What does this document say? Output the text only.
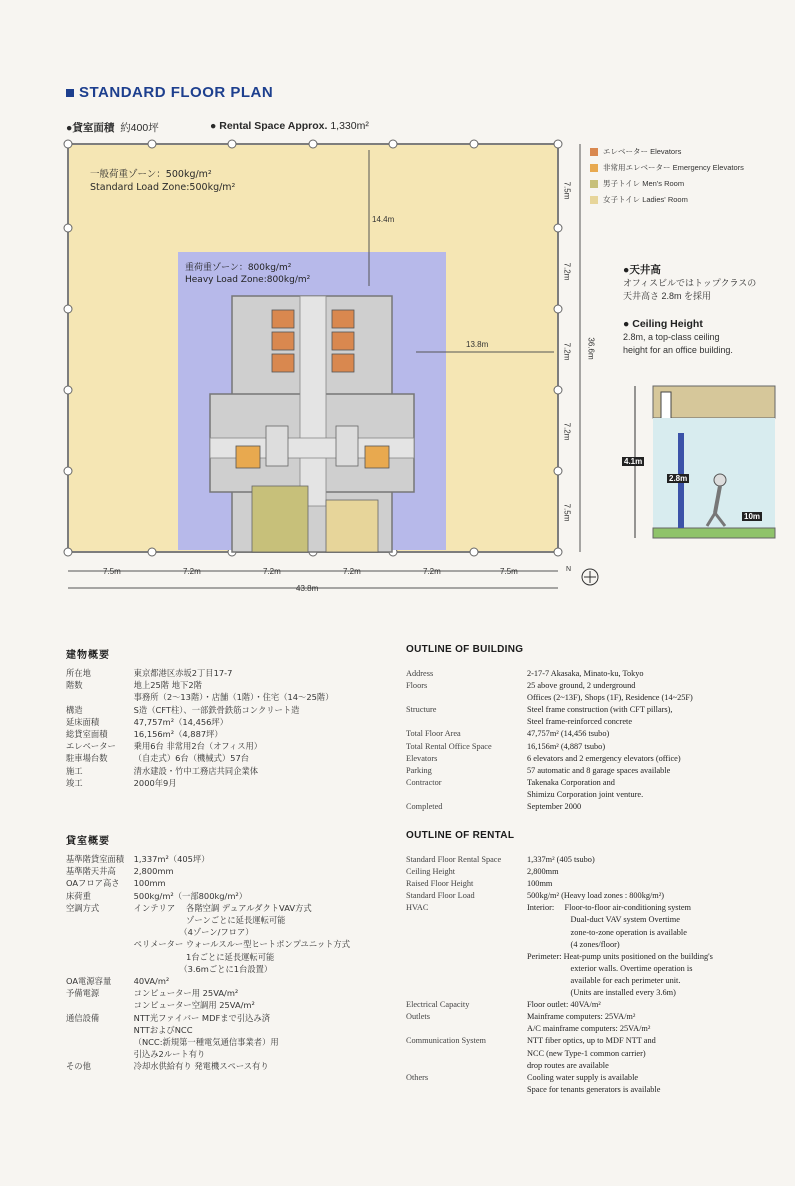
STANDARD FLOOR PLAN
●貸室面積 約400坪	● Rental Space Approx. 1,330m²
一般荷重ゾーン：500kg/m²
Standard Load Zone:500kg/m²
重荷重ゾーン：800kg/m²
Heavy Load Zone:800kg/m²
14.4m
13.8m
7.5m	7.2m	7.2m	7.2m	7.2m	7.5m
43.8m
N
7.5m
7.2m
7.2m
7.2m
7.5m
36.6m
エレベーター Elevators
非常用エレベーター Emergency Elevators
男子トイレ Men's Room
女子トイレ Ladies' Room
●天井高
オフィスビルではトップクラスの
天井高さ 2.8m を採用
● Ceiling Height
2.8m, a top-class ceiling
height for an office building.
4.1m
2.8m
10m
建物概要
所在地	東京都港区赤坂2丁目17-7
階数	地上25階 地下2階
事務所（2〜13階）・店舗（1階）・住宅（14〜25階）
構造	S造（CFT柱）、一部鉄骨鉄筋コンクリート造
延床面積	47,757m²（14,456坪）
総貸室面積	16,156m²（4,887坪）
エレベーター 乗用6台 非常用2台（オフィス用）
駐車場台数	（自走式）6台（機械式）57台
施工	清水建設・竹中工務店共同企業体
竣工	2000年9月
貸室概要
基準階貸室面積 1,337m²（405坪）
基準階天井高 2,800mm
OAフロア高さ 100mm
床荷重	500kg/m²（一部800kg/m²）
空調方式	インテリア　 各階空調 デュアルダクトVAV方式
　　　　　　 ゾーンごとに延長運転可能
　　　　　　（4ゾーン/フロア）
ペリメーター ウォールスルー型ヒートポンプユニット方式
　　　　　　 1台ごとに延長運転可能
　　　　　　（3.6mごとに1台設置）
OA電源容量	40VA/m²
予備電源	コンピューター用 25VA/m²
コンピューター空調用 25VA/m²
通信設備	NTT光ファイバー MDFまで引込み済
NTTおよびNCC
（NCC:新規第一種電気通信事業者）用
引込み2ルート有り
その他	冷却水供給有り 発電機スペース有り
OUTLINE OF BUILDING
Address	2-17-7 Akasaka, Minato-ku, Tokyo
Floors	25 above ground, 2 underground
Offices (2~13F), Shops (1F), Residence (14~25F)
Structure	Steel frame construction (with CFT pillars),
Steel frame-reinforced concrete
Total Floor Area	47,757m² (14,456 tsubo)
Total Rental Office Space	16,156m² (4,887 tsubo)
Elevators	6 elevators and 2 emergency elevators (office)
Parking	57 automatic and 8 garage spaces available
Contractor	Takenaka Corporation and
Shimizu Corporation joint venture.
Completed	September 2000
OUTLINE OF RENTAL
Standard Floor Rental Space	1,337m² (405 tsubo)
Ceiling Height	2,800mm
Raised Floor Height	100mm
Standard Floor Load	500kg/m² (Heavy load zones : 800kg/m²)
HVAC	Interior:　 Floor-to-floor air-conditioning system
　　　　　 Dual-duct VAV system Overtime
　　　　　 zone-to-zone operation is available
　　　　　 (4 zones/floor)
Perimeter: Heat-pump units positioned on the building's
　　　　　 exterior walls. Overtime operation is
　　　　　 available for each perimeter unit.
　　　　　 (Units are installed every 3.6m)
Electrical Capacity	Floor outlet: 40VA/m²
Outlets	Mainframe computers: 25VA/m²
A/C mainframe computers: 25VA/m²
Communication System	NTT fiber optics, up to MDF NTT and
NCC (new Type-1 common carrier)
drop routes are available
Others	Cooling water supply is available
Space for tenants generators is available
